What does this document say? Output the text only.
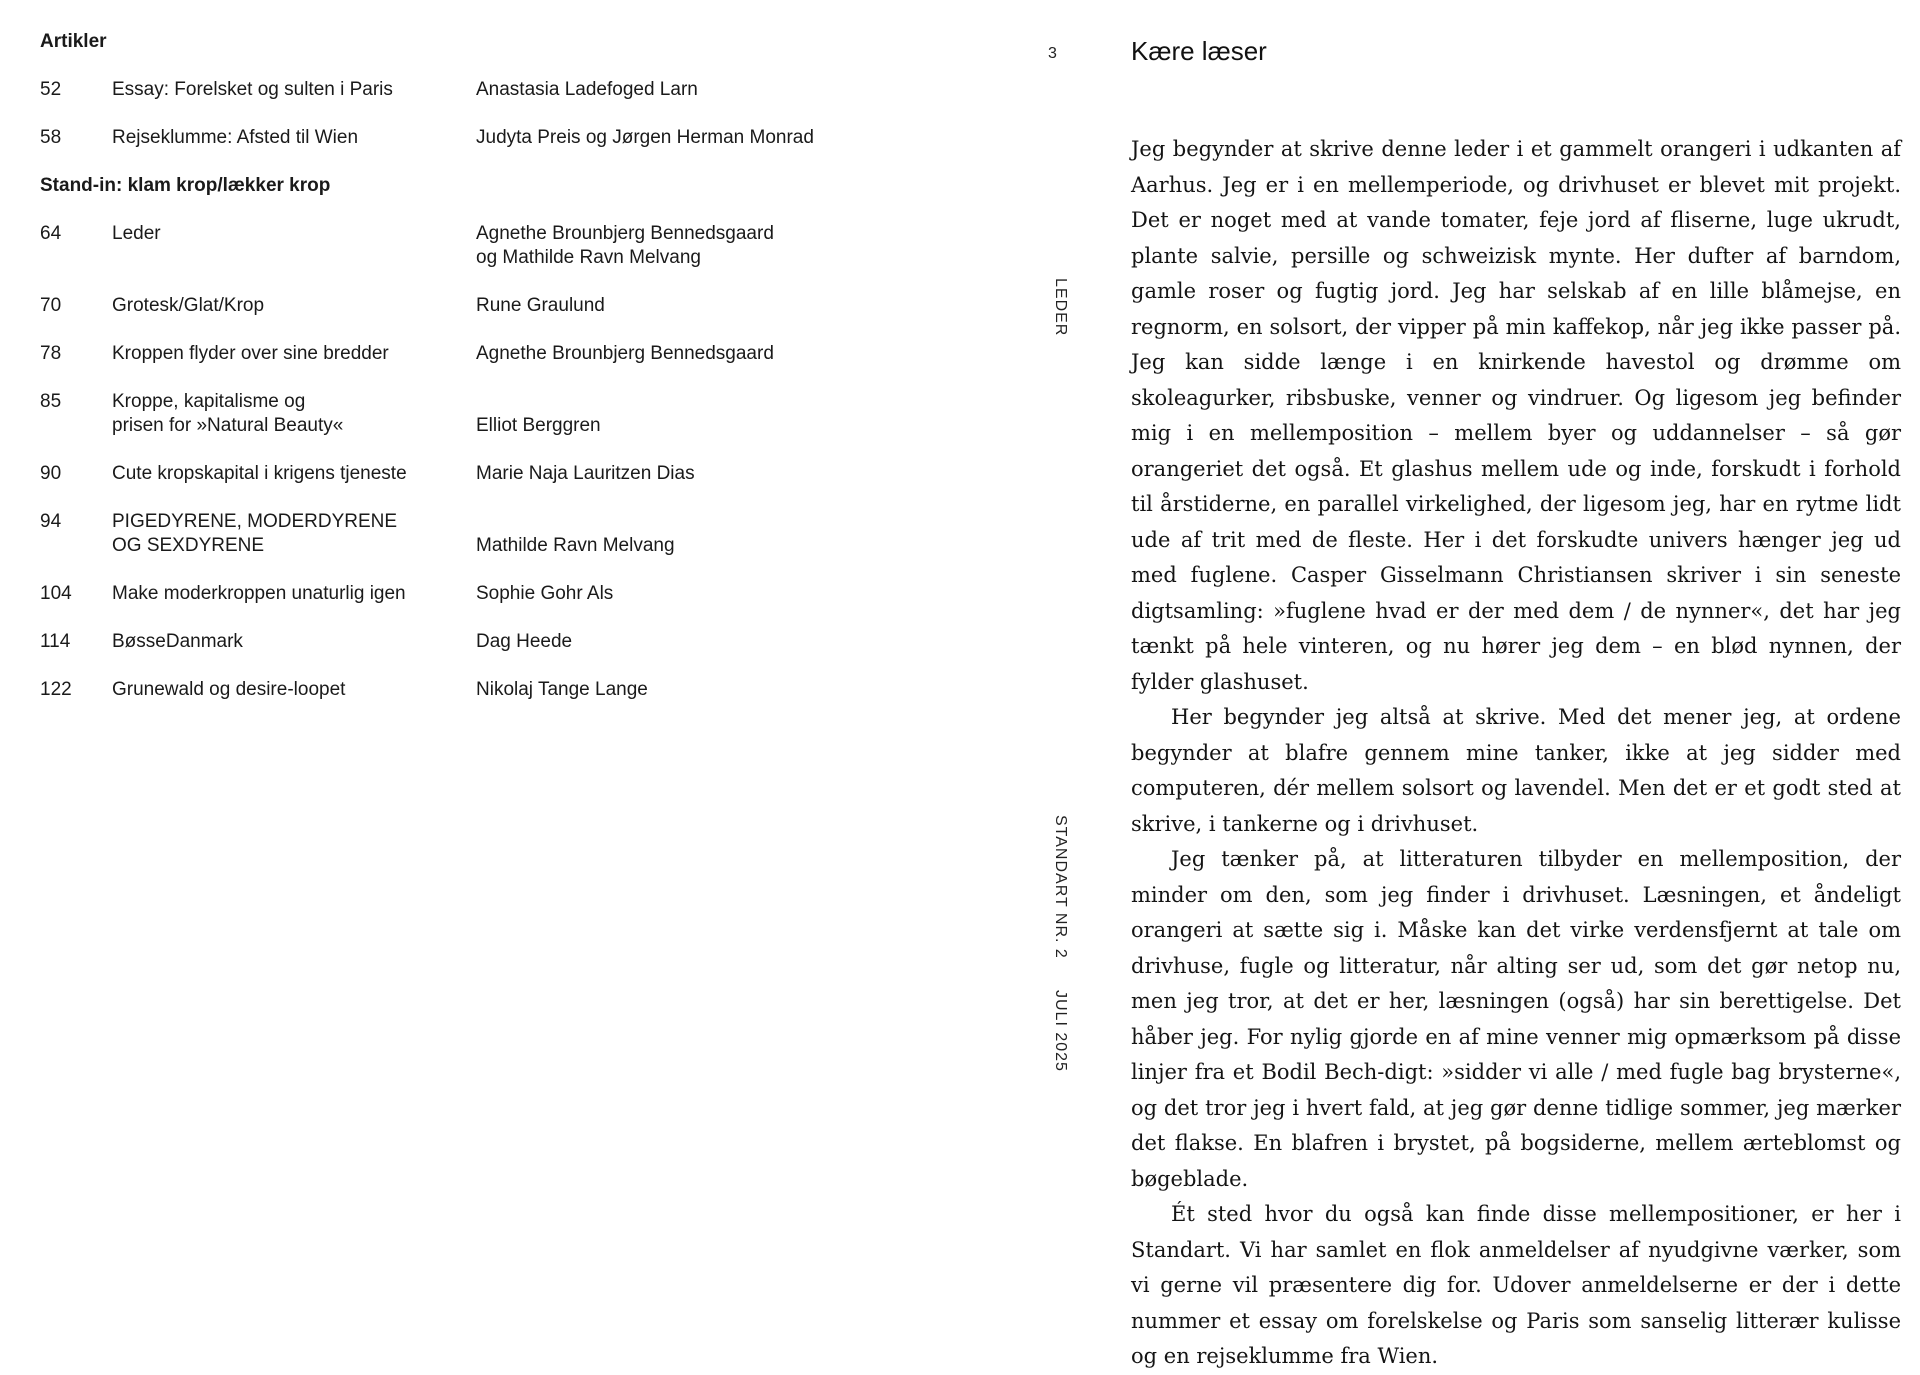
Artikler
52	Essay: Forelsket og sulten i Paris	Anastasia Ladefoged Larn
58	Rejseklumme: Afsted til Wien	Judyta Preis og Jørgen Herman Monrad
Stand-in: klam krop/lækker krop
64	Leder	Agnethe Brounbjerg Bennedsgaard
og Mathilde Ravn Melvang
70	Grotesk/Glat/Krop	Rune Graulund
78	Kroppen flyder over sine bredder	Agnethe Brounbjerg Bennedsgaard
85	Kroppe, kapitalisme og
prisen for »Natural Beauty«	Elliot Berggren
90	Cute kropskapital i krigens tjeneste	Marie Naja Lauritzen Dias
94	PIGEDYRENE, MODERDYRENE
OG SEXDYRENE	Mathilde Ravn Melvang
104	Make moderkroppen unaturlig igen	Sophie Gohr Als
114	BøsseDanmark	Dag Heede
122	Grunewald og desire-loopet	Nikolaj Tange Lange
3
LEDER
STANDART NR. 2
JULI 2025
Kære læser

Jeg begynder at skrive denne leder i et gammelt orangeri i udkanten af Aarhus. Jeg er i en mellemperiode, og drivhuset er blevet mit projekt. Det er noget med at vande tomater, feje jord af fliserne, luge ukrudt, plante salvie, persille og schweizisk mynte. Her dufter af barndom, gamle roser og fugtig jord. Jeg har selskab af en lille blåmejse, en regnorm, en solsort, der vipper på min kaffekop, når jeg ikke passer på. Jeg kan sidde længe i en knirkende havestol og drømme om skoleagurker, ribsbuske, venner og vindruer. Og ligesom jeg befinder mig i en mellemposition – mellem byer og uddannelser – så gør orangeriet det også. Et glashus mellem ude og inde, forskudt i forhold til årstiderne, en parallel virkelighed, der ligesom jeg, har en rytme lidt ude af trit med de fleste. Her i det forskudte univers hænger jeg ud med fuglene. Casper Gisselmann Christiansen skriver i sin seneste digtsamling: »fuglene hvad er der med dem / de nynner«, det har jeg tænkt på hele vinteren, og nu hører jeg dem – en blød nynnen, der fylder glashuset.

Her begynder jeg altså at skrive. Med det mener jeg, at ordene begynder at blafre gennem mine tanker, ikke at jeg sidder med computeren, dér mellem solsort og lavendel. Men det er et godt sted at skrive, i tankerne og i drivhuset.

Jeg tænker på, at litteraturen tilbyder en mellemposition, der minder om den, som jeg finder i drivhuset. Læsningen, et åndeligt orangeri at sætte sig i. Måske kan det virke verdensfjernt at tale om drivhuse, fugle og litteratur, når alting ser ud, som det gør netop nu, men jeg tror, at det er her, læsningen (også) har sin berettigelse. Det håber jeg. For nylig gjorde en af mine venner mig opmærksom på disse linjer fra et Bodil Bech-digt: »sidder vi alle / med fugle bag brysterne«, og det tror jeg i hvert fald, at jeg gør denne tidlige sommer, jeg mærker det flakse. En blafren i brystet, på bogsiderne, mellem ærteblomst og bøgeblade.

Ét sted hvor du også kan finde disse mellempositioner, er her i Standart. Vi har samlet en flok anmeldelser af nyudgivne værker, som vi gerne vil præsentere dig for. Udover anmeldelserne er der i dette nummer et essay om forelskelse og Paris som sanselig litterær kulisse og en rejseklumme fra Wien.
